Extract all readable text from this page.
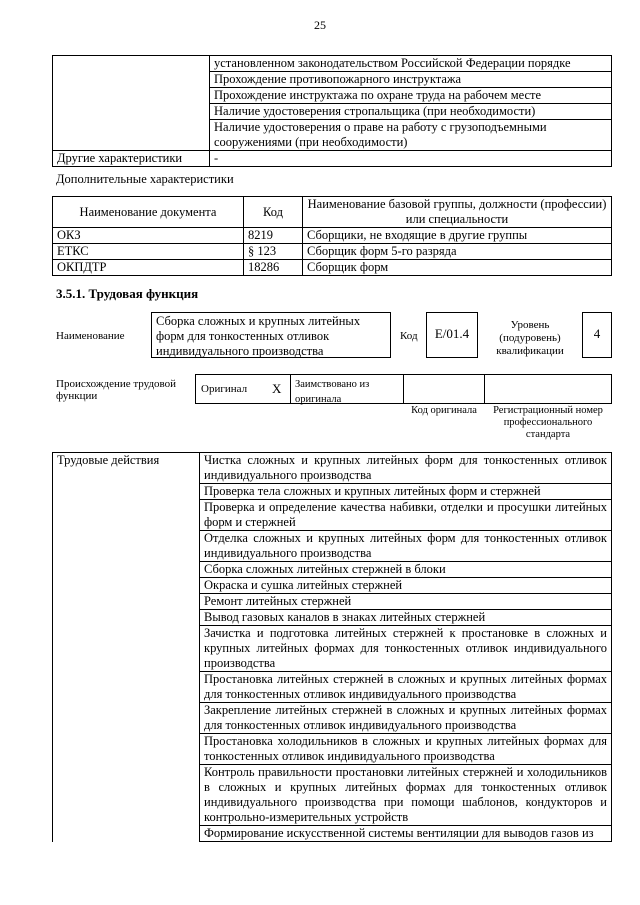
25
	установленном законодательством Российской Федерации порядке
	Прохождение противопожарного инструктажа
	Прохождение инструктажа по охране труда на рабочем месте
	Наличие удостоверения стропальщика (при необходимости)
	Наличие удостоверения о праве на работу с грузоподъемными сооружениями (при необходимости)
Другие характеристики	-
Дополнительные характеристики
Наименование документа	Код	Наименование базовой группы, должности (профессии) или специальности
ОКЗ	8219	Сборщики, не входящие в другие группы
ЕТКС	§ 123	Сборщик форм 5-го разряда
ОКПДТР	18286	Сборщик форм
3.5.1. Трудовая функция
Наименование
Сборка сложных и крупных литейных форм для тонкостенных отливок индивидуального производства
Код	E/01.4
Уровень (подуровень) квалификации
4
Происхождение трудовой функции
Оригинал X	Заимствовано из оригинала
Код оригинала	Регистрационный номер профессионального стандарта
Трудовые действия	Чистка сложных и крупных литейных форм для тонкостенных отливок индивидуального производства
Проверка тела сложных и крупных литейных форм и стержней
Проверка и определение качества набивки, отделки и просушки литейных форм и стержней
Отделка сложных и крупных литейных форм для тонкостенных отливок индивидуального производства
Сборка сложных литейных стержней в блоки
Окраска и сушка литейных стержней
Ремонт литейных стержней
Вывод газовых каналов в знаках литейных стержней
Зачистка и подготовка литейных стержней к простановке в сложных и крупных литейных формах для тонкостенных отливок индивидуального производства
Простановка литейных стержней в сложных и крупных литейных формах для тонкостенных отливок индивидуального производства
Закрепление литейных стержней в сложных и крупных литейных формах для тонкостенных отливок индивидуального производства
Простановка холодильников в сложных и крупных литейных формах для тонкостенных отливок индивидуального производства
Контроль правильности простановки литейных стержней и холодильников в сложных и крупных литейных формах для тонкостенных отливок индивидуального производства при помощи шаблонов, кондукторов и контрольно-измерительных устройств
Формирование искусственной системы вентиляции для выводов газов из
